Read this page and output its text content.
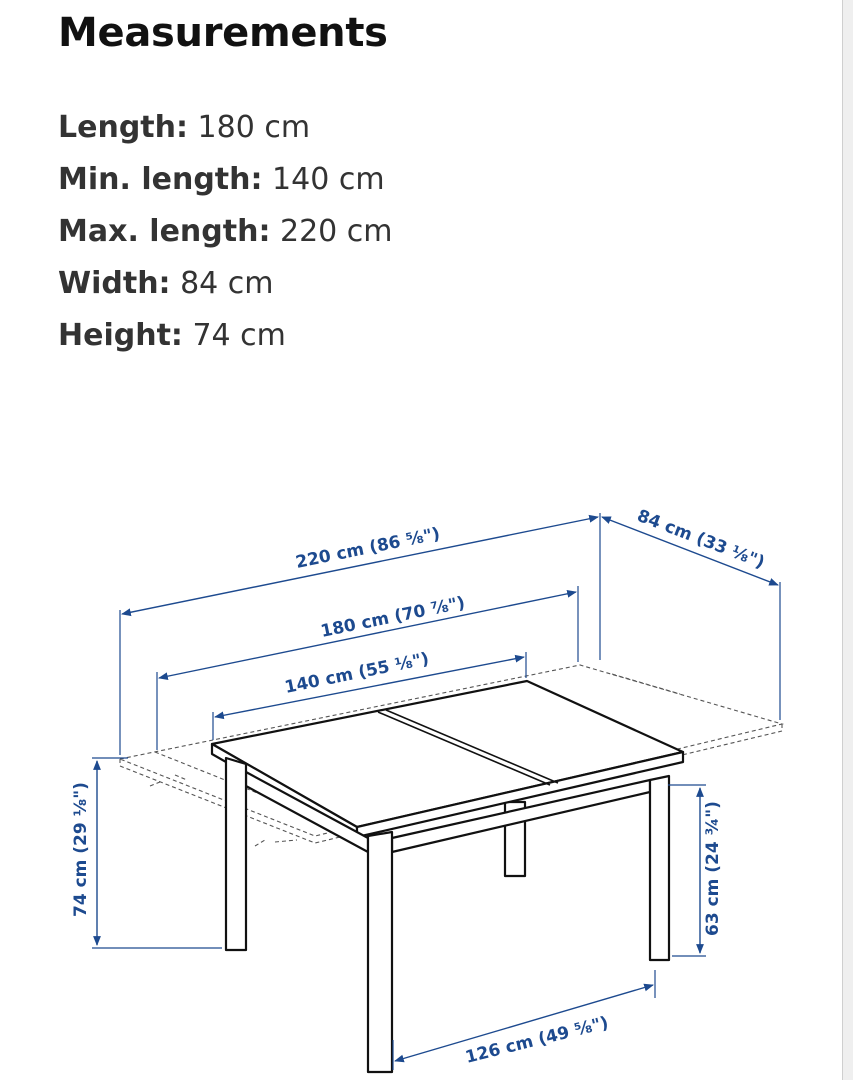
Measurements
Length: 180 cm
Min. length: 140 cm
Max. length: 220 cm
Width: 84 cm
Height: 74 cm
220 cm (86 ⅝")
180 cm (70 ⅞")
140 cm (55 ⅛")
84 cm (33 ⅛")
74 cm (29 ⅛")	63 cm (24 ¾")
126 cm (49 ⅝")
